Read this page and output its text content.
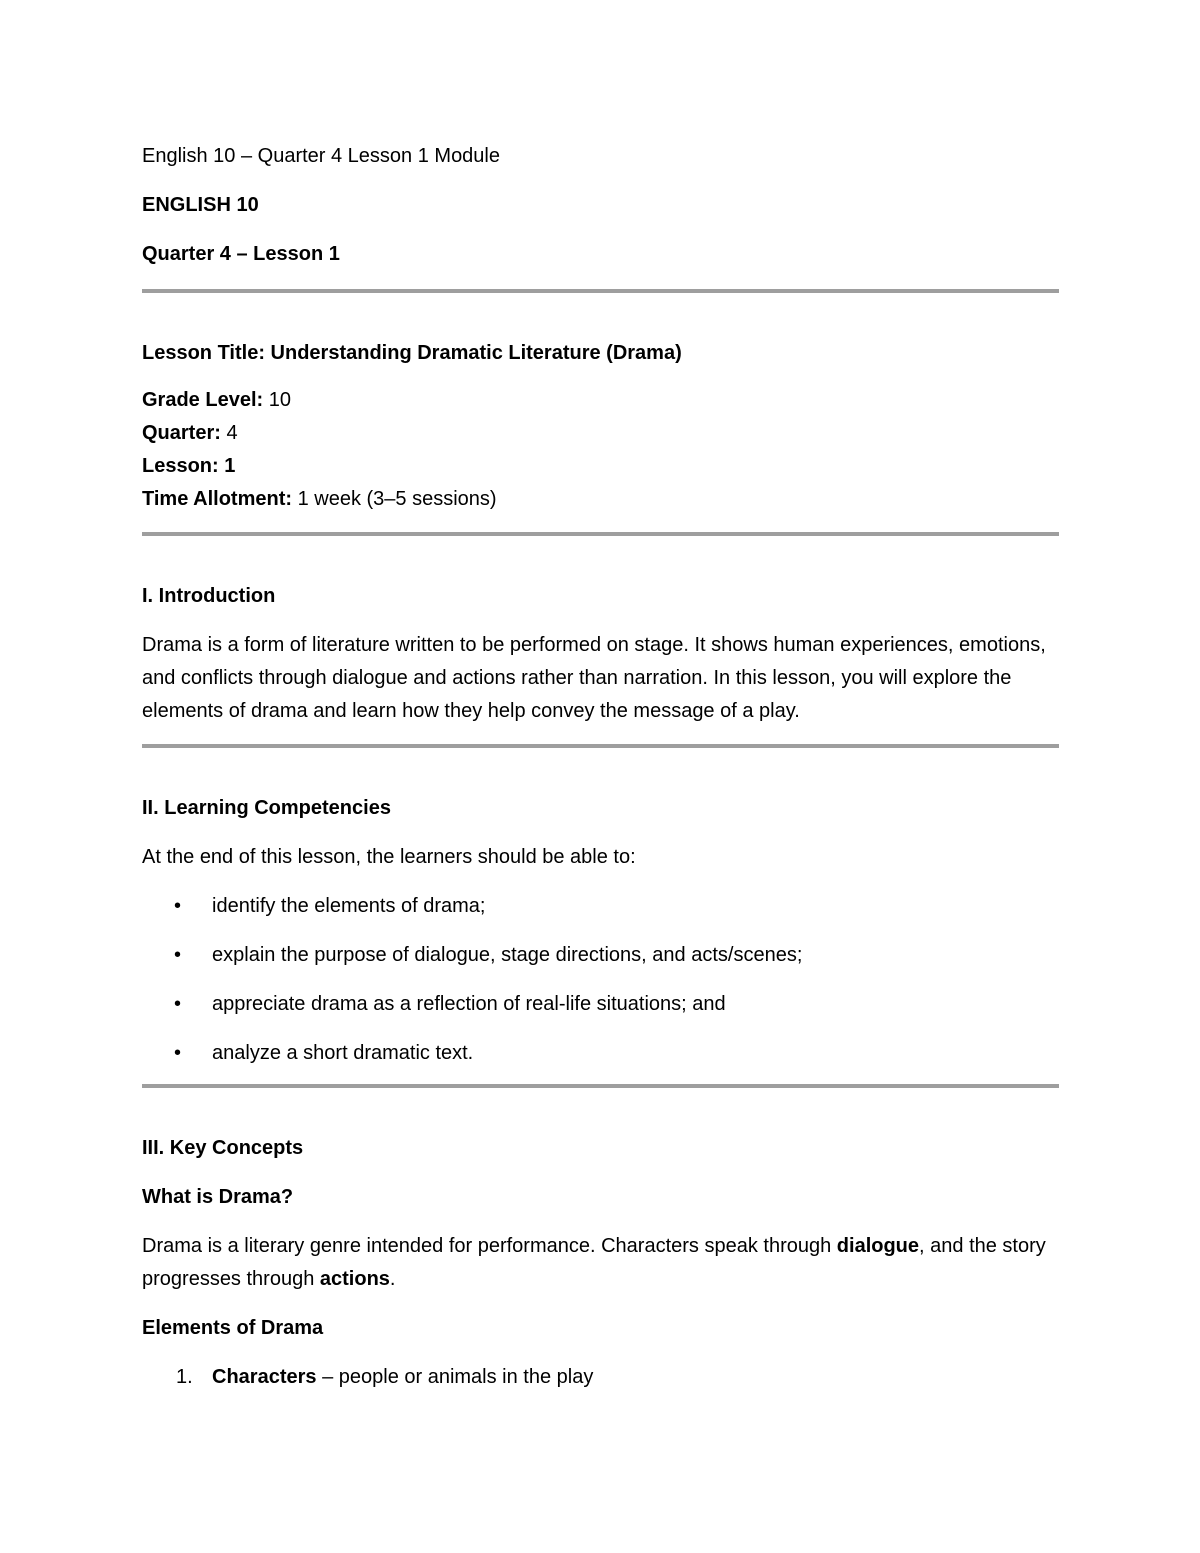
English 10 – Quarter 4 Lesson 1 Module
ENGLISH 10
Quarter 4 – Lesson 1
Lesson Title: Understanding Dramatic Literature (Drama)
Grade Level: 10
Quarter: 4
Lesson: 1
Time Allotment: 1 week (3–5 sessions)
I. Introduction

Drama is a form of literature written to be performed on stage. It shows human experiences, emotions, and conflicts through dialogue and actions rather than narration. In this lesson, you will explore the elements of drama and learn how they help convey the message of a play.

II. Learning Competencies

At the end of this lesson, the learners should be able to:

• identify the elements of drama;
• explain the purpose of dialogue, stage directions, and acts/scenes;
• appreciate drama as a reflection of real-life situations; and
• analyze a short dramatic text.
III. Key Concepts
What is Drama?

Drama is a literary genre intended for performance. Characters speak through dialogue, and the story progresses through actions.

Elements of Drama
1. Characters – people or animals in the play
